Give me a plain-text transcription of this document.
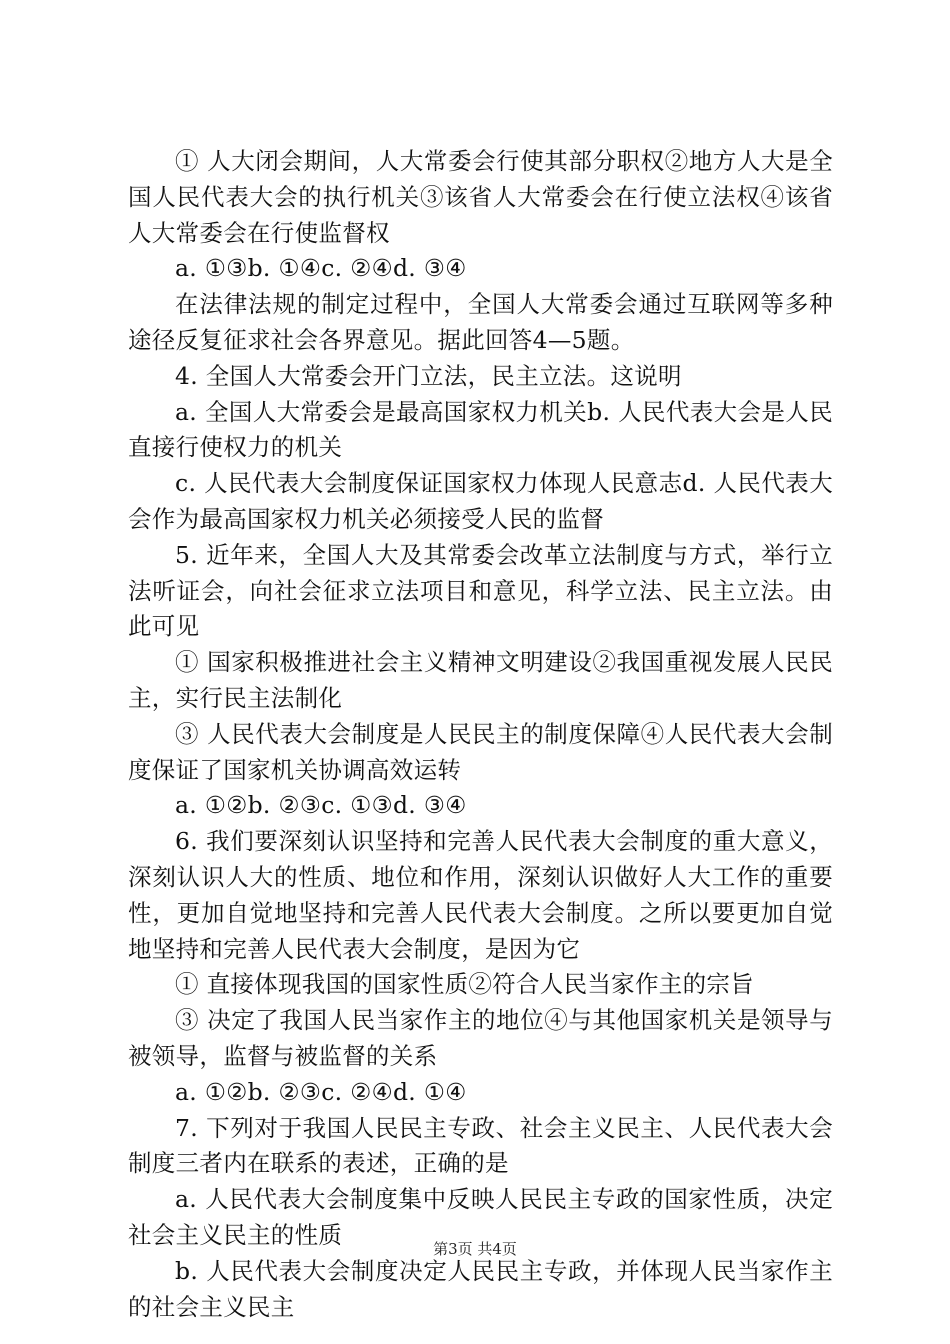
① 人大闭会期间，人大常委会行使其部分职权②地方人大是全国人民代表大会的执行机关③该省人大常委会在行使立法权④该省人大常委会在行使监督权

a. ①③b. ①④c. ②④d. ③④

在法律法规的制定过程中，全国人大常委会通过互联网等多种途径反复征求社会各界意见。据此回答4—5题。

4. 全国人大常委会开门立法，民主立法。这说明

a. 全国人大常委会是最高国家权力机关b. 人民代表大会是人民直接行使权力的机关

c. 人民代表大会制度保证国家权力体现人民意志d. 人民代表大会作为最高国家权力机关必须接受人民的监督

5. 近年来，全国人大及其常委会改革立法制度与方式，举行立法听证会，向社会征求立法项目和意见，科学立法、民主立法。由此可见

① 国家积极推进社会主义精神文明建设②我国重视发展人民民主，实行民主法制化

③ 人民代表大会制度是人民民主的制度保障④人民代表大会制度保证了国家机关协调高效运转

a. ①②b. ②③c. ①③d. ③④

6. 我们要深刻认识坚持和完善人民代表大会制度的重大意义，深刻认识人大的性质、地位和作用，深刻认识做好人大工作的重要性，更加自觉地坚持和完善人民代表大会制度。之所以要更加自觉地坚持和完善人民代表大会制度，是因为它

① 直接体现我国的国家性质②符合人民当家作主的宗旨

③ 决定了我国人民当家作主的地位④与其他国家机关是领导与被领导，监督与被监督的关系

a. ①②b. ②③c. ②④d. ①④

7. 下列对于我国人民民主专政、社会主义民主、人民代表大会制度三者内在联系的表述，正确的是

a. 人民代表大会制度集中反映人民民主专政的国家性质，决定社会主义民主的性质

b. 人民代表大会制度决定人民民主专政，并体现人民当家作主的社会主义民主

第3页 共4页
